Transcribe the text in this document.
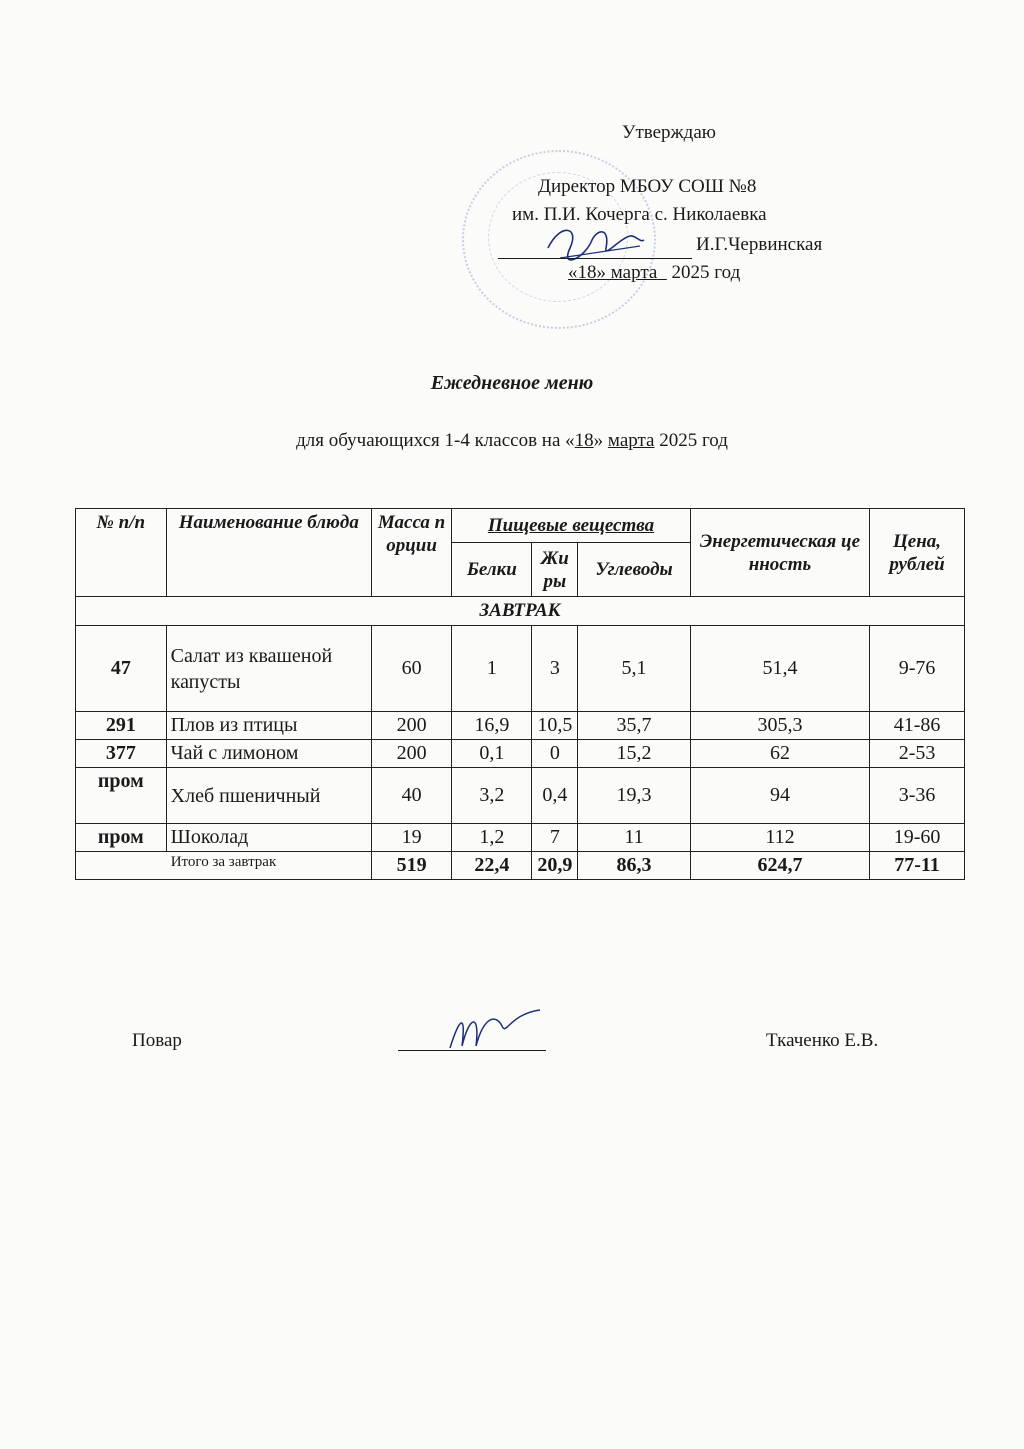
Утверждаю
Директор МБОУ СОШ №8
им. П.И. Кочерга с. Николаевка
И.Г.Червинская
«18» марта 2025 год
Ежедневное меню
для обучающихся 1-4 классов на «18» марта 2025 год
№ п/п	Наименование блюда	Масса порции	Пищевые вещества			Энергетическая ценность	Цена, рублей
			Белки	Жиры	Углеводы		
ЗАВТРАК							
47	Салат из квашеной капусты	60	1	3	5,1	51,4	9-76
291	Плов из птицы	200	16,9	10,5	35,7	305,3	41-86
377	Чай с лимоном	200	0,1	0	15,2	62	2-53
пром	Хлеб пшеничный	40	3,2	0,4	19,3	94	3-36
пром	Шоколад	19	1,2	7	11	112	19-60
Итого за завтрак		519	22,4	20,9	86,3	624,7	77-11
Повар	Ткаченко Е.В.
